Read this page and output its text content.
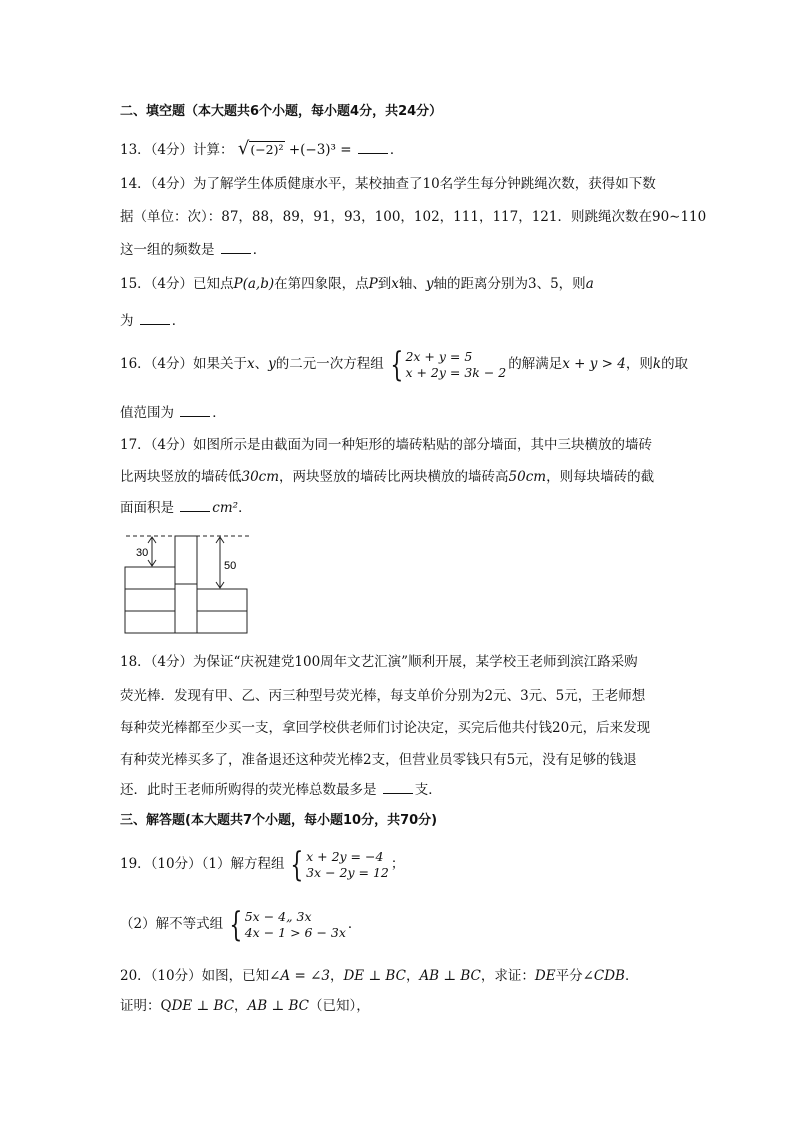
二、填空题（本大题共6个小题，每小题4分，共24分）
13．（4分）计算： √ (−2)² +(−3)³ =	．
14．（4分）为了解学生体质健康水平，某校抽查了10名学生每分钟跳绳次数，获得如下数
据（单位：次）：87，88，89，91，93，100，102，111，117，121．则跳绳次数在90∼110
这一组的频数是	．
15．（4分）已知点P(a,b)在第四象限，点P到x轴、y轴的距离分别为3、5，则a
为	．
16．（4分）如果关于x、y的二元一次方程组 { 2x + y = 5
x + 2y = 3k − 2 的解满足x + y > 4，则k的取
值范围为	．
17．（4分）如图所示是由截面为同一种矩形的墙砖粘贴的部分墙面，其中三块横放的墙砖
比两块竖放的墙砖低30cm，两块竖放的墙砖比两块横放的墙砖高50cm，则每块墙砖的截
面面积是	cm²．
30
50
18．（4分）为保证“庆祝建党100周年文艺汇演”顺利开展，某学校王老师到滨江路采购
荧光棒．发现有甲、乙、丙三种型号荧光棒，每支单价分别为2元、3元、5元，王老师想
每种荧光棒都至少买一支，拿回学校供老师们讨论决定，买完后他共付钱20元，后来发现
有种荧光棒买多了，准备退还这种荧光棒2支，但营业员零钱只有5元，没有足够的钱退
还．此时王老师所购得的荧光棒总数最多是	支．
三、解答题(本大题共7个小题，每小题10分，共70分)
19．（10分）（1）解方程组 { x + 2y = −4
3x − 2y = 12 ；
（2）解不等式组 { 5x − 4„ 3x
4x − 1 > 6 − 3x ．
20．（10分）如图，已知∠A = ∠3，DE ⊥ BC，AB ⊥ BC，求证：DE平分∠CDB．
证明：QDE ⊥ BC，AB ⊥ BC（已知），
